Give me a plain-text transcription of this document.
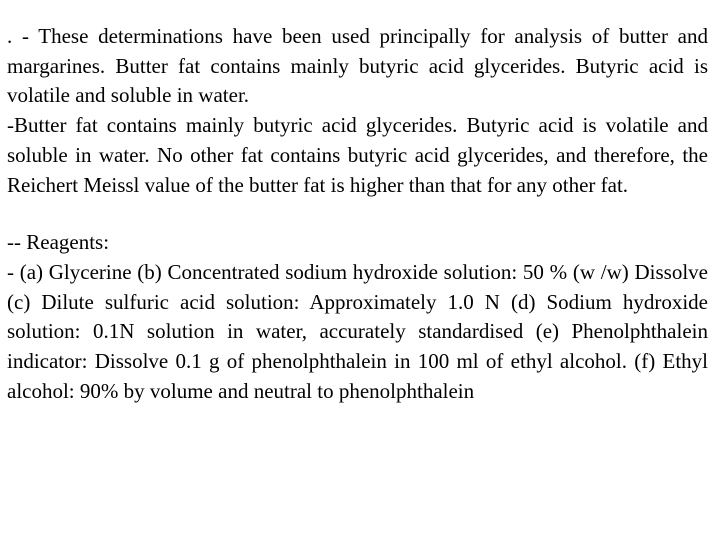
. - These determinations have been used principally for analysis of butter and margarines. Butter fat contains mainly butyric acid glycerides. Butyric acid is volatile and soluble in water.

-Butter fat contains mainly butyric acid glycerides. Butyric acid is volatile and soluble in water. No other fat contains butyric acid glycerides, and therefore, the Reichert Meissl value of the butter fat is higher than that for any other fat.

-- Reagents:

- (a) Glycerine (b) Concentrated sodium hydroxide solution: 50 % (w /w) Dissolve (c) Dilute sulfuric acid solution: Approximately 1.0 N (d) Sodium hydroxide solution: 0.1N solution in water, accurately standardised (e) Phenolphthalein indicator: Dissolve 0.1 g of phenolphthalein in 100 ml of ethyl alcohol. (f) Ethyl alcohol: 90% by volume and neutral to phenolphthalein
